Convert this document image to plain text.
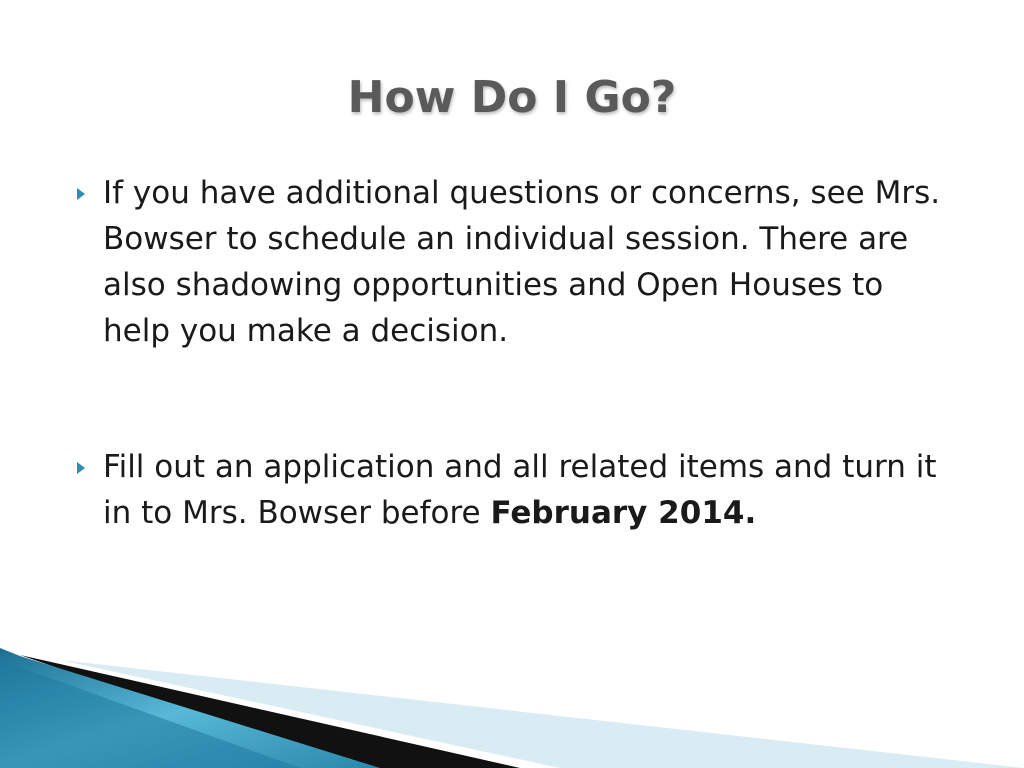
How Do I Go?

If you have additional questions or concerns, see Mrs. Bowser to schedule an individual session. There are also shadowing opportunities and Open Houses to help you make a decision.

Fill out an application and all related items and turn it in to Mrs. Bowser before February 2014.
